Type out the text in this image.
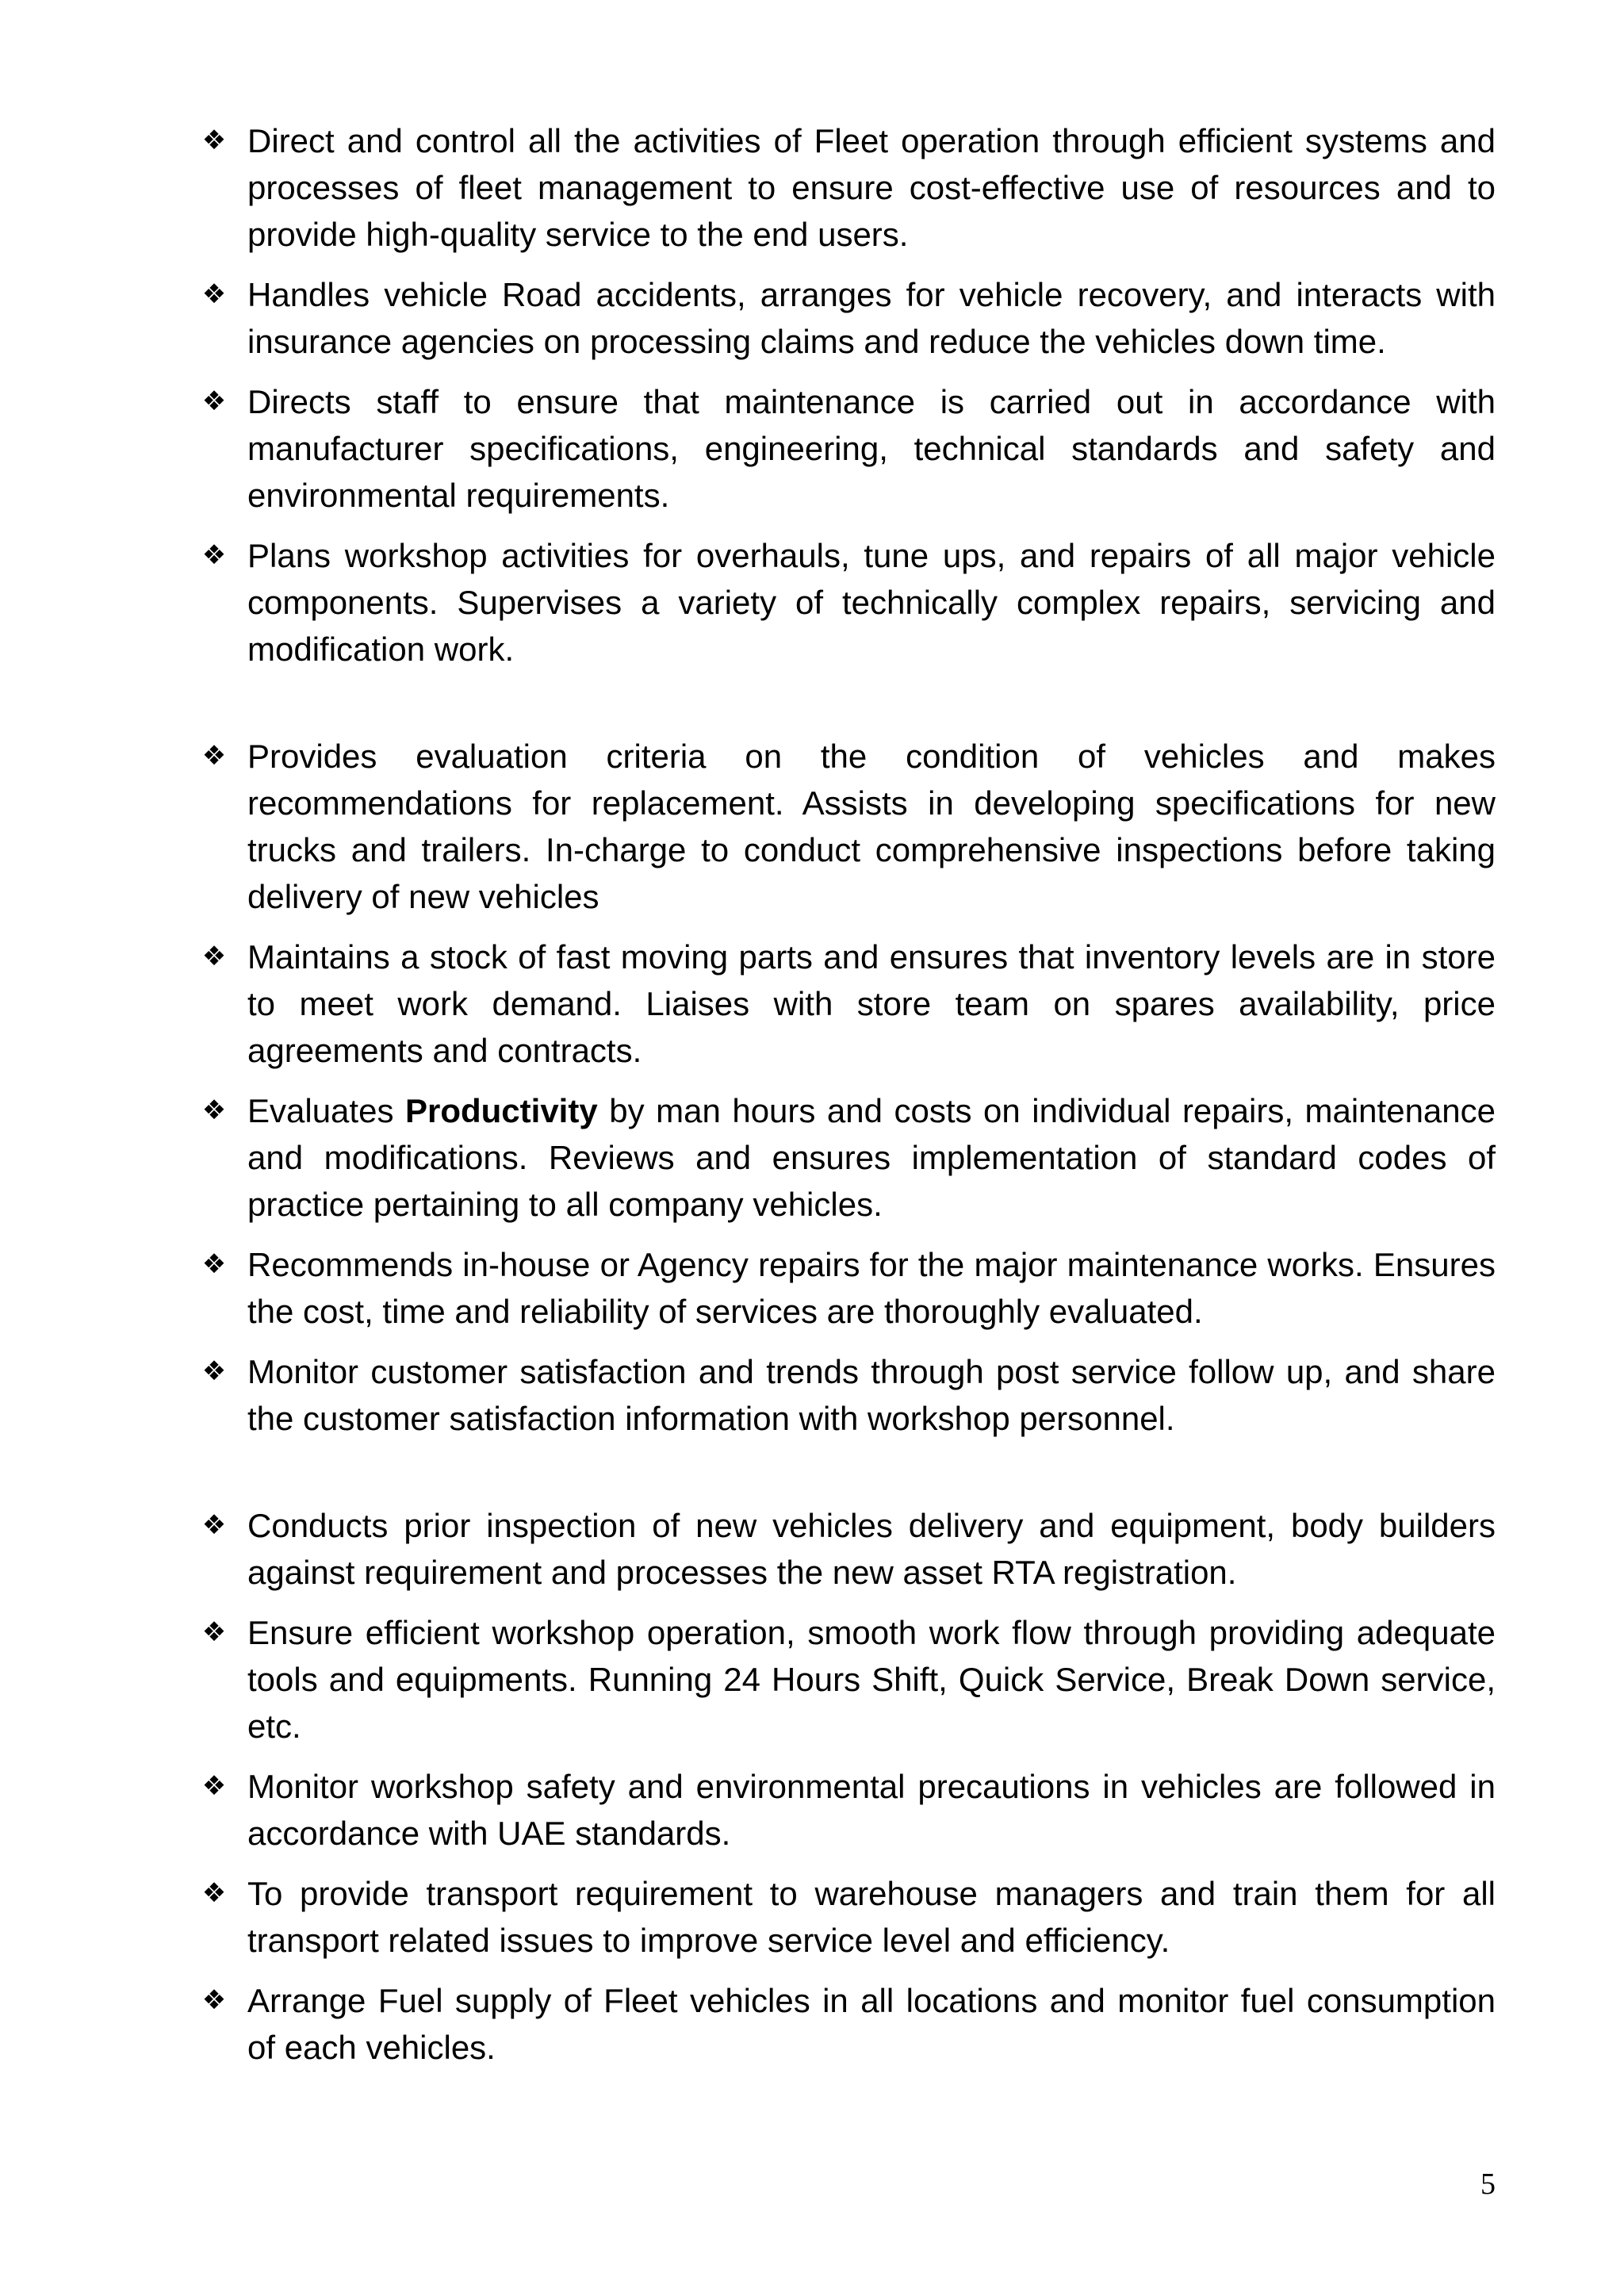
❖ Direct and control all the activities of Fleet operation through efficient systems and processes of fleet management to ensure cost-effective use of resources and to provide high-quality service to the end users.
❖ Handles vehicle Road accidents, arranges for vehicle recovery, and interacts with insurance agencies on processing claims and reduce the vehicles down time.
❖ Directs staff to ensure that maintenance is carried out in accordance with manufacturer specifications, engineering, technical standards and safety and environmental requirements.
❖ Plans workshop activities for overhauls, tune ups, and repairs of all major vehicle components. Supervises a variety of technically complex repairs, servicing and modification work.
❖ Provides evaluation criteria on the condition of vehicles and makes recommendations for replacement. Assists in developing specifications for new trucks and trailers. In-charge to conduct comprehensive inspections before taking delivery of new vehicles
❖ Maintains a stock of fast moving parts and ensures that inventory levels are in store to meet work demand. Liaises with store team on spares availability, price agreements and contracts.
❖ Evaluates Productivity by man hours and costs on individual repairs, maintenance and modifications. Reviews and ensures implementation of standard codes of practice pertaining to all company vehicles.
❖ Recommends in-house or Agency repairs for the major maintenance works. Ensures the cost, time and reliability of services are thoroughly evaluated.
❖ Monitor customer satisfaction and trends through post service follow up, and share the customer satisfaction information with workshop personnel.
❖ Conducts prior inspection of new vehicles delivery and equipment, body builders against requirement and processes the new asset RTA registration.
❖ Ensure efficient workshop operation, smooth work flow through providing adequate tools and equipments. Running 24 Hours Shift, Quick Service, Break Down service, etc.
❖ Monitor workshop safety and environmental precautions in vehicles are followed in accordance with UAE standards.
❖ To provide transport requirement to warehouse managers and train them for all transport related issues to improve service level and efficiency.
❖ Arrange Fuel supply of Fleet vehicles in all locations and monitor fuel consumption of each vehicles.
5
